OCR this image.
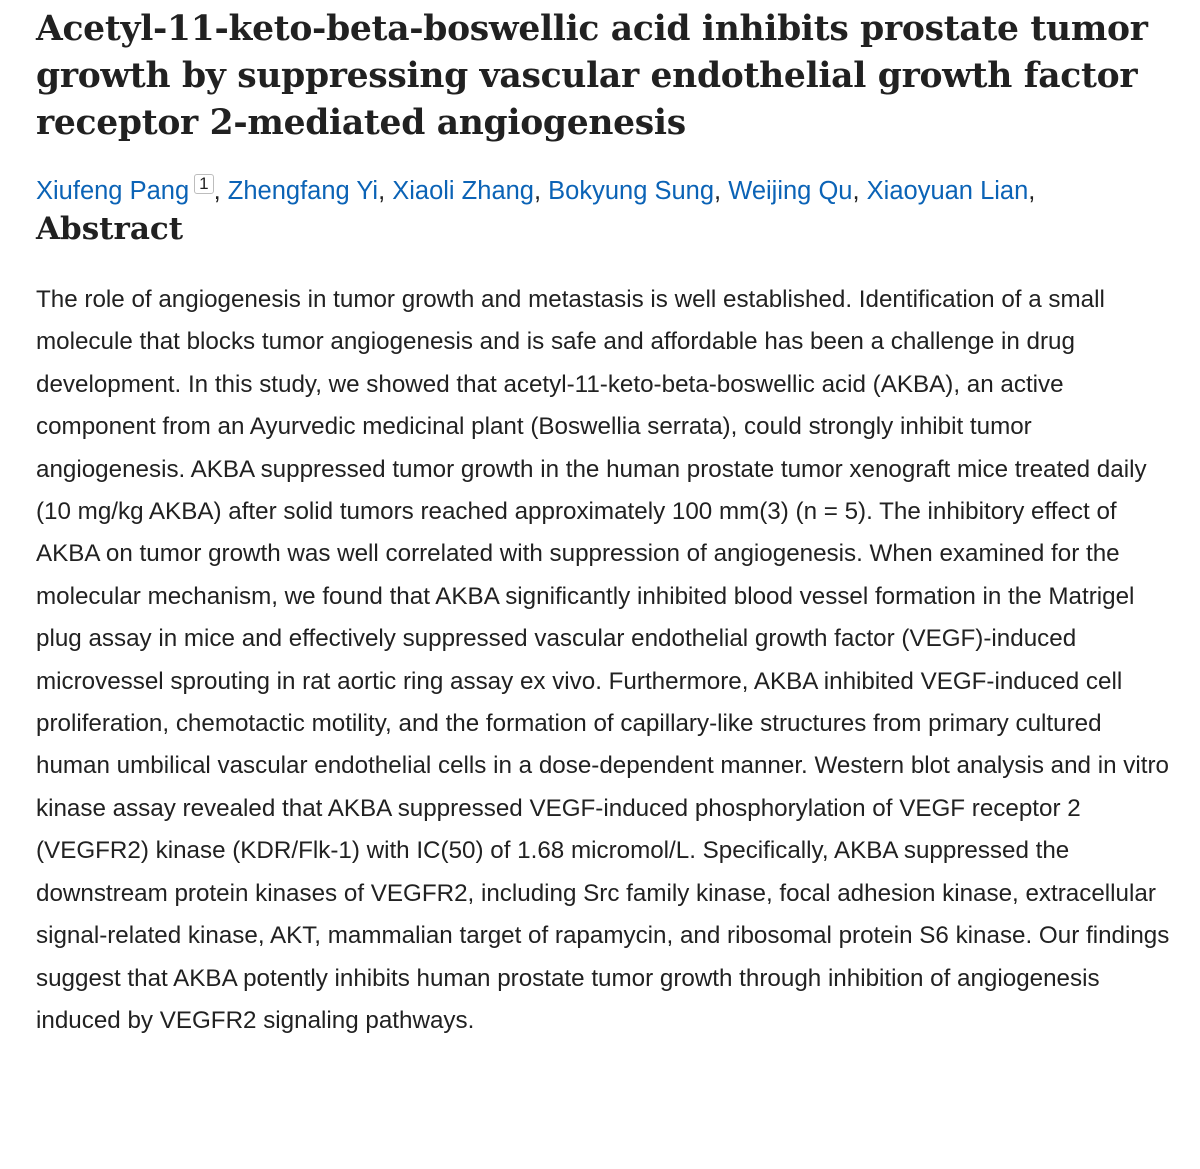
Acetyl-11-keto-beta-boswellic acid inhibits prostate tumor growth by suppressing vascular endothelial growth factor receptor 2-mediated angiogenesis
Xiufeng Pang 1 , Zhengfang Yi, Xiaoli Zhang, Bokyung Sung, Weijing Qu, Xiaoyuan Lian,
Abstract

The role of angiogenesis in tumor growth and metastasis is well established. Identification of a small molecule that blocks tumor angiogenesis and is safe and affordable has been a challenge in drug development. In this study, we showed that acetyl-11-keto-beta-boswellic acid (AKBA), an active component from an Ayurvedic medicinal plant (Boswellia serrata), could strongly inhibit tumor angiogenesis. AKBA suppressed tumor growth in the human prostate tumor xenograft mice treated daily (10 mg/kg AKBA) after solid tumors reached approximately 100 mm(3) (n = 5). The inhibitory effect of AKBA on tumor growth was well correlated with suppression of angiogenesis. When examined for the molecular mechanism, we found that AKBA significantly inhibited blood vessel formation in the Matrigel plug assay in mice and effectively suppressed vascular endothelial growth factor (VEGF)-induced microvessel sprouting in rat aortic ring assay ex vivo. Furthermore, AKBA inhibited VEGF-induced cell proliferation, chemotactic motility, and the formation of capillary-like structures from primary cultured human umbilical vascular endothelial cells in a dose-dependent manner. Western blot analysis and in vitro kinase assay revealed that AKBA suppressed VEGF-induced phosphorylation of VEGF receptor 2 (VEGFR2) kinase (KDR/Flk-1) with IC(50) of 1.68 micromol/L. Specifically, AKBA suppressed the downstream protein kinases of VEGFR2, including Src family kinase, focal adhesion kinase, extracellular signal-related kinase, AKT, mammalian target of rapamycin, and ribosomal protein S6 kinase. Our findings suggest that AKBA potently inhibits human prostate tumor growth through inhibition of angiogenesis induced by VEGFR2 signaling pathways.
